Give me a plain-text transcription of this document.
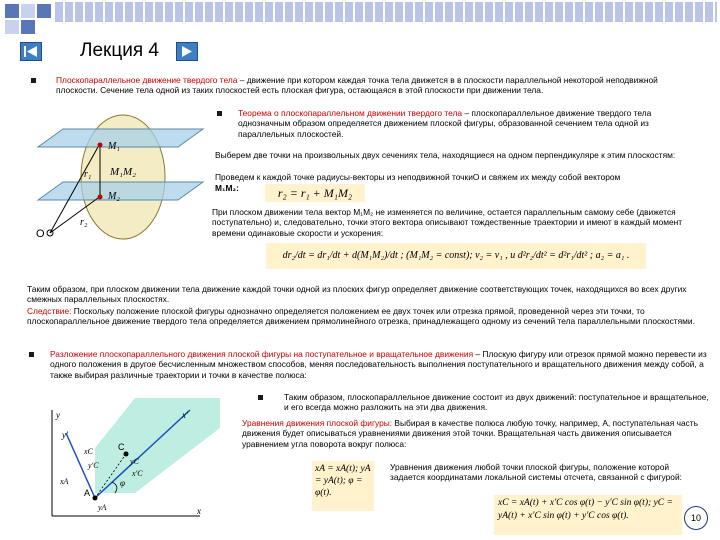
Лекция 4
Плоскопараллельное движение твердого тела – движение при котором каждая точка тела движется в в плоскости параллельной некоторой неподвижной плоскости. Сечение тела одной из таких плоскостей есть плоская фигура, остающаяся в этой плоскости при движении тела.
Теорема о плоскопараллельном движении твердого тела – плоскопараллельное движение твердого тела однозначным образом определяется движением плоской фигуры, образованной сечением тела одной из параллельных плоскостей.
Выберем две точки на произвольных двух сечениях тела, находящиеся на одном перпендикуляре к этим плоскостям:
Проведем к каждой точке радиусы-векторы из неподвижной точкиO и свяжем их между собой вектором
M₁M₂:	r₂ = r₁ + M₁M₂
M₁
M₂
M₁M₂
r₁
r₂
O
При плоском движении тела вектор M₁M₂ не изменяется по величине, остается параллельным самому себе (движется поступательно) и, следовательно, точки этого вектора описывают тождественные траектории и имеют в каждый момент времени одинаковые скорости и ускорения:
dr₂/dt = dr₁/dt + d(M₁M₂)/dt ; (M₁M₂ = const); v₂ = v₁ , и d²r₂/dt² = d²r₁/dt² ; a₂ = a₁ .
Таким образом, при плоском движении тела движение каждой точки одной из плоских фигур определяет движение соответствующих точек, находящихся во всех других смежных параллельных плоскостях.
Следствие: Поскольку положение плоской фигуры однозначно определяется положением ее двух точек или отрезка прямой, проведенной через эти точки, то плоскопараллельное движение твердого тела определяется движением прямолинейного отрезка, принадлежащего одному из сечений тела параллельными плоскостями.
Разложение плоскопараллельного движения плоской фигуры на поступательное и вращательное движения – Плоскую фигуру или отрезок прямой можно перевести из одного положения в другое бесчисленным множеством способов, меняя последовательность выполнения поступательного и вращательного движения между собой, а также выбирая различные траектории и точки в качестве полюса:
Таким образом, плоскопараллельное движение состоит из двух движений: поступательное и вращательное, и его всегда можно разложить на эти два движения.
y
x
y′
x′
C
A
xC
yC
xA
yA
φ
x′C
y′C
Уравнения движения плоской фигуры: Выбирая в качестве полюса любую точку, например, А, поступательная часть движения будет описываться уравнениями движения этой точки. Вращательная часть движения описывается уравнением угла поворота вокруг полюса:
xA = xA(t); yA = yA(t); φ = φ(t).
Уравнения движения любой точки плоской фигуры, положение которой задается координатами локальной системы отсчета, связанной с фигурой:
xC = xA(t) + x′C cos φ(t) − y′C sin φ(t); yC = yA(t) + x′C sin φ(t) + y′C cos φ(t).	10
